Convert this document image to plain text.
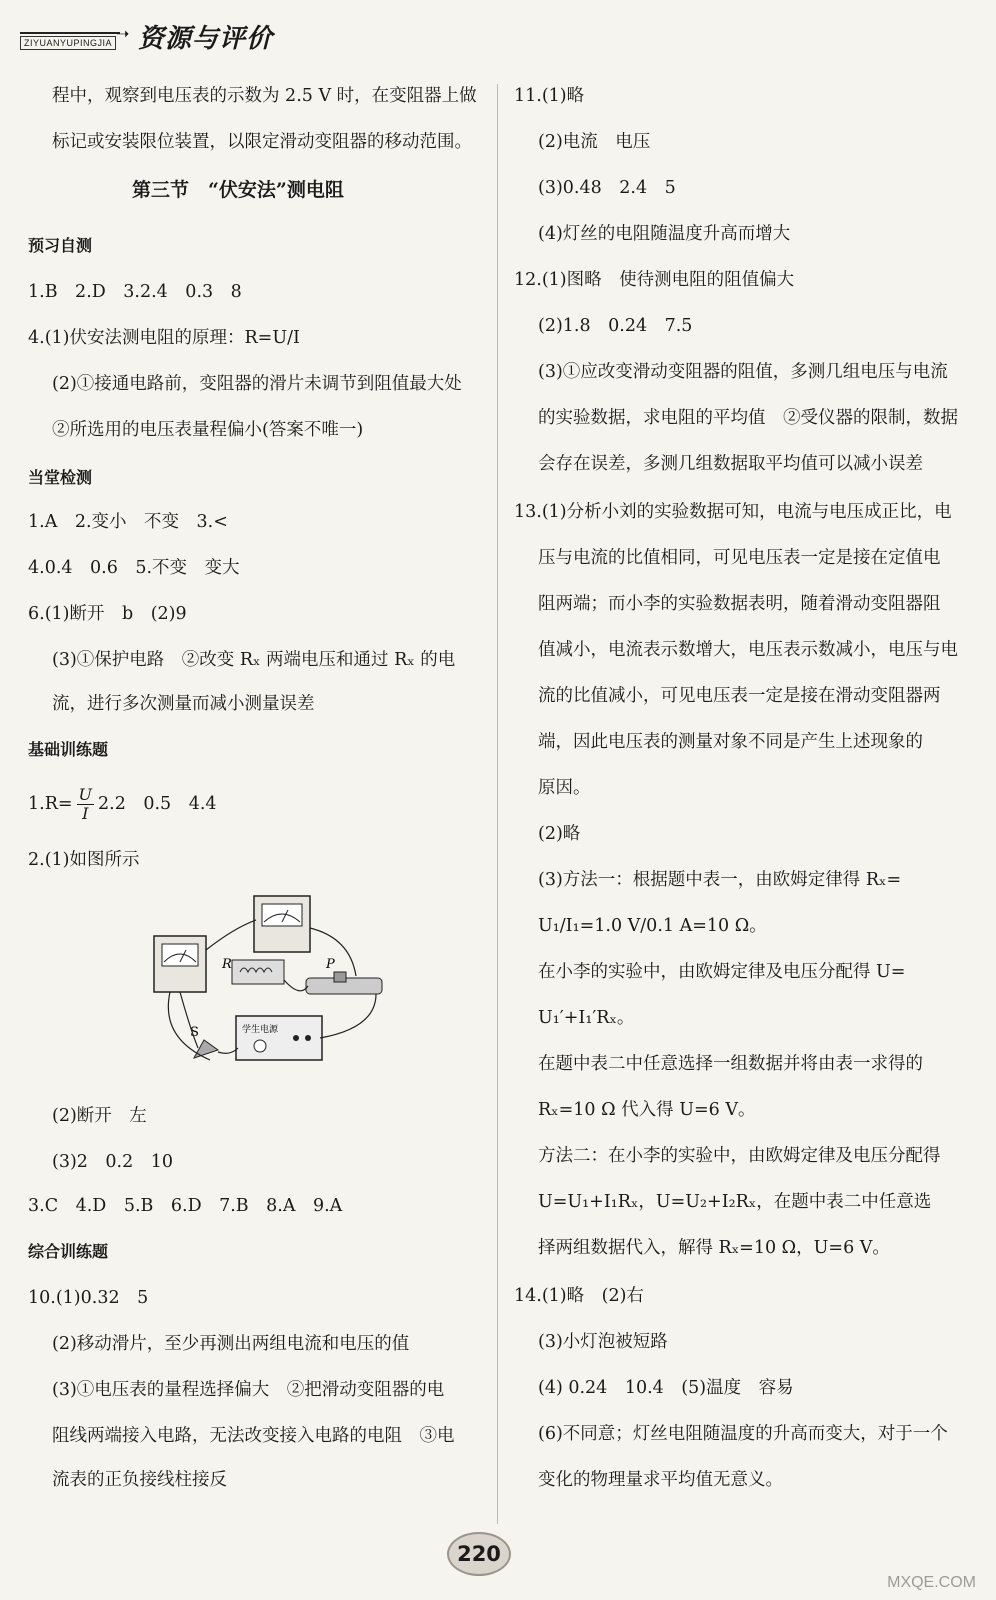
ZIYUANYUPINGJIA ➝ 资源与评价
程中，观察到电压表的示数为 2.5 V 时，在变阻器上做
标记或安装限位装置，以限定滑动变阻器的移动范围。
第三节　“伏安法”测电阻
预习自测
1.B　2.D　3.2.4　0.3　8
4.(1)伏安法测电阻的原理：R=U/I
(2)①接通电路前，变阻器的滑片未调节到阻值最大处
②所选用的电压表量程偏小(答案不唯一)
当堂检测
1.A　2.变小　不变　3.<
4.0.4　0.6　5.不变　变大
6.(1)断开　b　(2)9
(3)①保护电路　②改变 Rₓ 两端电压和通过 Rₓ 的电
流，进行多次测量而减小测量误差
基础训练题
$1.R= \frac{U}{I} 2.2$　0.5　4.4
2.(1)如图所示
(2)断开　左
(3)2　0.2　10
3.C　4.D　5.B　6.D　7.B　8.A　9.A
综合训练题
10.(1)0.32　5
(2)移动滑片，至少再测出两组电流和电压的值
(3)①电压表的量程选择偏大　②把滑动变阻器的电
阻线两端接入电路，无法改变接入电路的电阻　③电
流表的正负接线柱接反
R	P
S	学生电源
11.(1)略
(2)电流　电压
(3)0.48　2.4　5
(4)灯丝的电阻随温度升高而增大
12.(1)图略　使待测电阻的阻值偏大
(2)1.8　0.24　7.5
(3)①应改变滑动变阻器的阻值，多测几组电压与电流
的实验数据，求电阻的平均值　②受仪器的限制，数据
会存在误差，多测几组数据取平均值可以减小误差
13.(1)分析小刘的实验数据可知，电流与电压成正比，电
压与电流的比值相同，可见电压表一定是接在定值电
阻两端；而小李的实验数据表明，随着滑动变阻器阻
值减小，电流表示数增大，电压表示数减小，电压与电
流的比值减小，可见电压表一定是接在滑动变阻器两
端，因此电压表的测量对象不同是产生上述现象的
原因。
(2)略
(3)方法一：根据题中表一，由欧姆定律得 Rₓ=
U₁/I₁=1.0 V/0.1 A=10 Ω。
在小李的实验中，由欧姆定律及电压分配得 U=
U₁′+I₁′Rₓ。
在题中表二中任意选择一组数据并将由表一求得的
Rₓ=10 Ω 代入得 U=6 V。
方法二：在小李的实验中，由欧姆定律及电压分配得
U=U₁+I₁Rₓ，U=U₂+I₂Rₓ，在题中表二中任意选
择两组数据代入，解得 Rₓ=10 Ω，U=6 V。
14.(1)略　(2)右
(3)小灯泡被短路
(4) 0.24　10.4　(5)温度　容易
(6)不同意；灯丝电阻随温度的升高而变大，对于一个
变化的物理量求平均值无意义。
220
MXQE.COM
